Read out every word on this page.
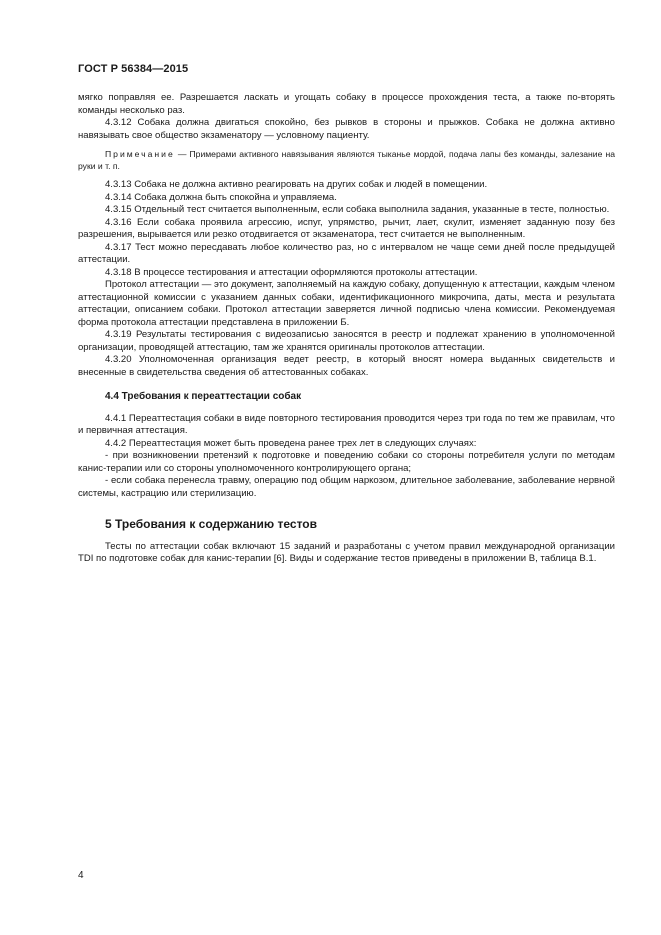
ГОСТ Р 56384—2015

мягко поправляя ее. Разрешается ласкать и угощать собаку в процессе прохождения теста, а также по-вторять команды несколько раз.

4.3.12 Собака должна двигаться спокойно, без рывков в стороны и прыжков. Собака не должна активно навязывать свое общество экзаменатору — условному пациенту.

Примечание — Примерами активного навязывания являются тыканье мордой, подача лапы без команды, залезание на руки и т. п.

4.3.13 Собака не должна активно реагировать на других собак и людей в помещении.

4.3.14 Собака должна быть спокойна и управляема.

4.3.15 Отдельный тест считается выполненным, если собака выполнила задания, указанные в тесте, полностью.

4.3.16 Если собака проявила агрессию, испуг, упрямство, рычит, лает, скулит, изменяет заданную позу без разрешения, вырывается или резко отодвигается от экзаменатора, тест считается не выполненным.

4.3.17 Тест можно пересдавать любое количество раз, но с интервалом не чаще семи дней после предыдущей аттестации.

4.3.18 В процессе тестирования и аттестации оформляются протоколы аттестации.

Протокол аттестации — это документ, заполняемый на каждую собаку, допущенную к аттестации, каждым членом аттестационной комиссии с указанием данных собаки, идентификационного микрочипа, даты, места и результата аттестации, описанием собаки. Протокол аттестации заверяется личной подписью члена комиссии. Рекомендуемая форма протокола аттестации представлена в приложении Б.

4.3.19 Результаты тестирования с видеозаписью заносятся в реестр и подлежат хранению в уполномоченной организации, проводящей аттестацию, там же хранятся оригиналы протоколов аттестации.

4.3.20 Уполномоченная организация ведет реестр, в который вносят номера выданных свидетельств и внесенные в свидетельства сведения об аттестованных собаках.

4.4 Требования к переаттестации собак

4.4.1 Переаттестация собаки в виде повторного тестирования проводится через три года по тем же правилам, что и первичная аттестация.

4.4.2 Переаттестация может быть проведена ранее трех лет в следующих случаях:

- при возникновении претензий к подготовке и поведению собаки со стороны потребителя услуги по методам канис-терапии или со стороны уполномоченного контролирующего органа;

- если собака перенесла травму, операцию под общим наркозом, длительное заболевание, заболевание нервной системы, кастрацию или стерилизацию.

5 Требования к содержанию тестов

Тесты по аттестации собак включают 15 заданий и разработаны с учетом правил международной организации TDI по подготовке собак для канис-терапии [6]. Виды и содержание тестов приведены в приложении В, таблица В.1.

4
